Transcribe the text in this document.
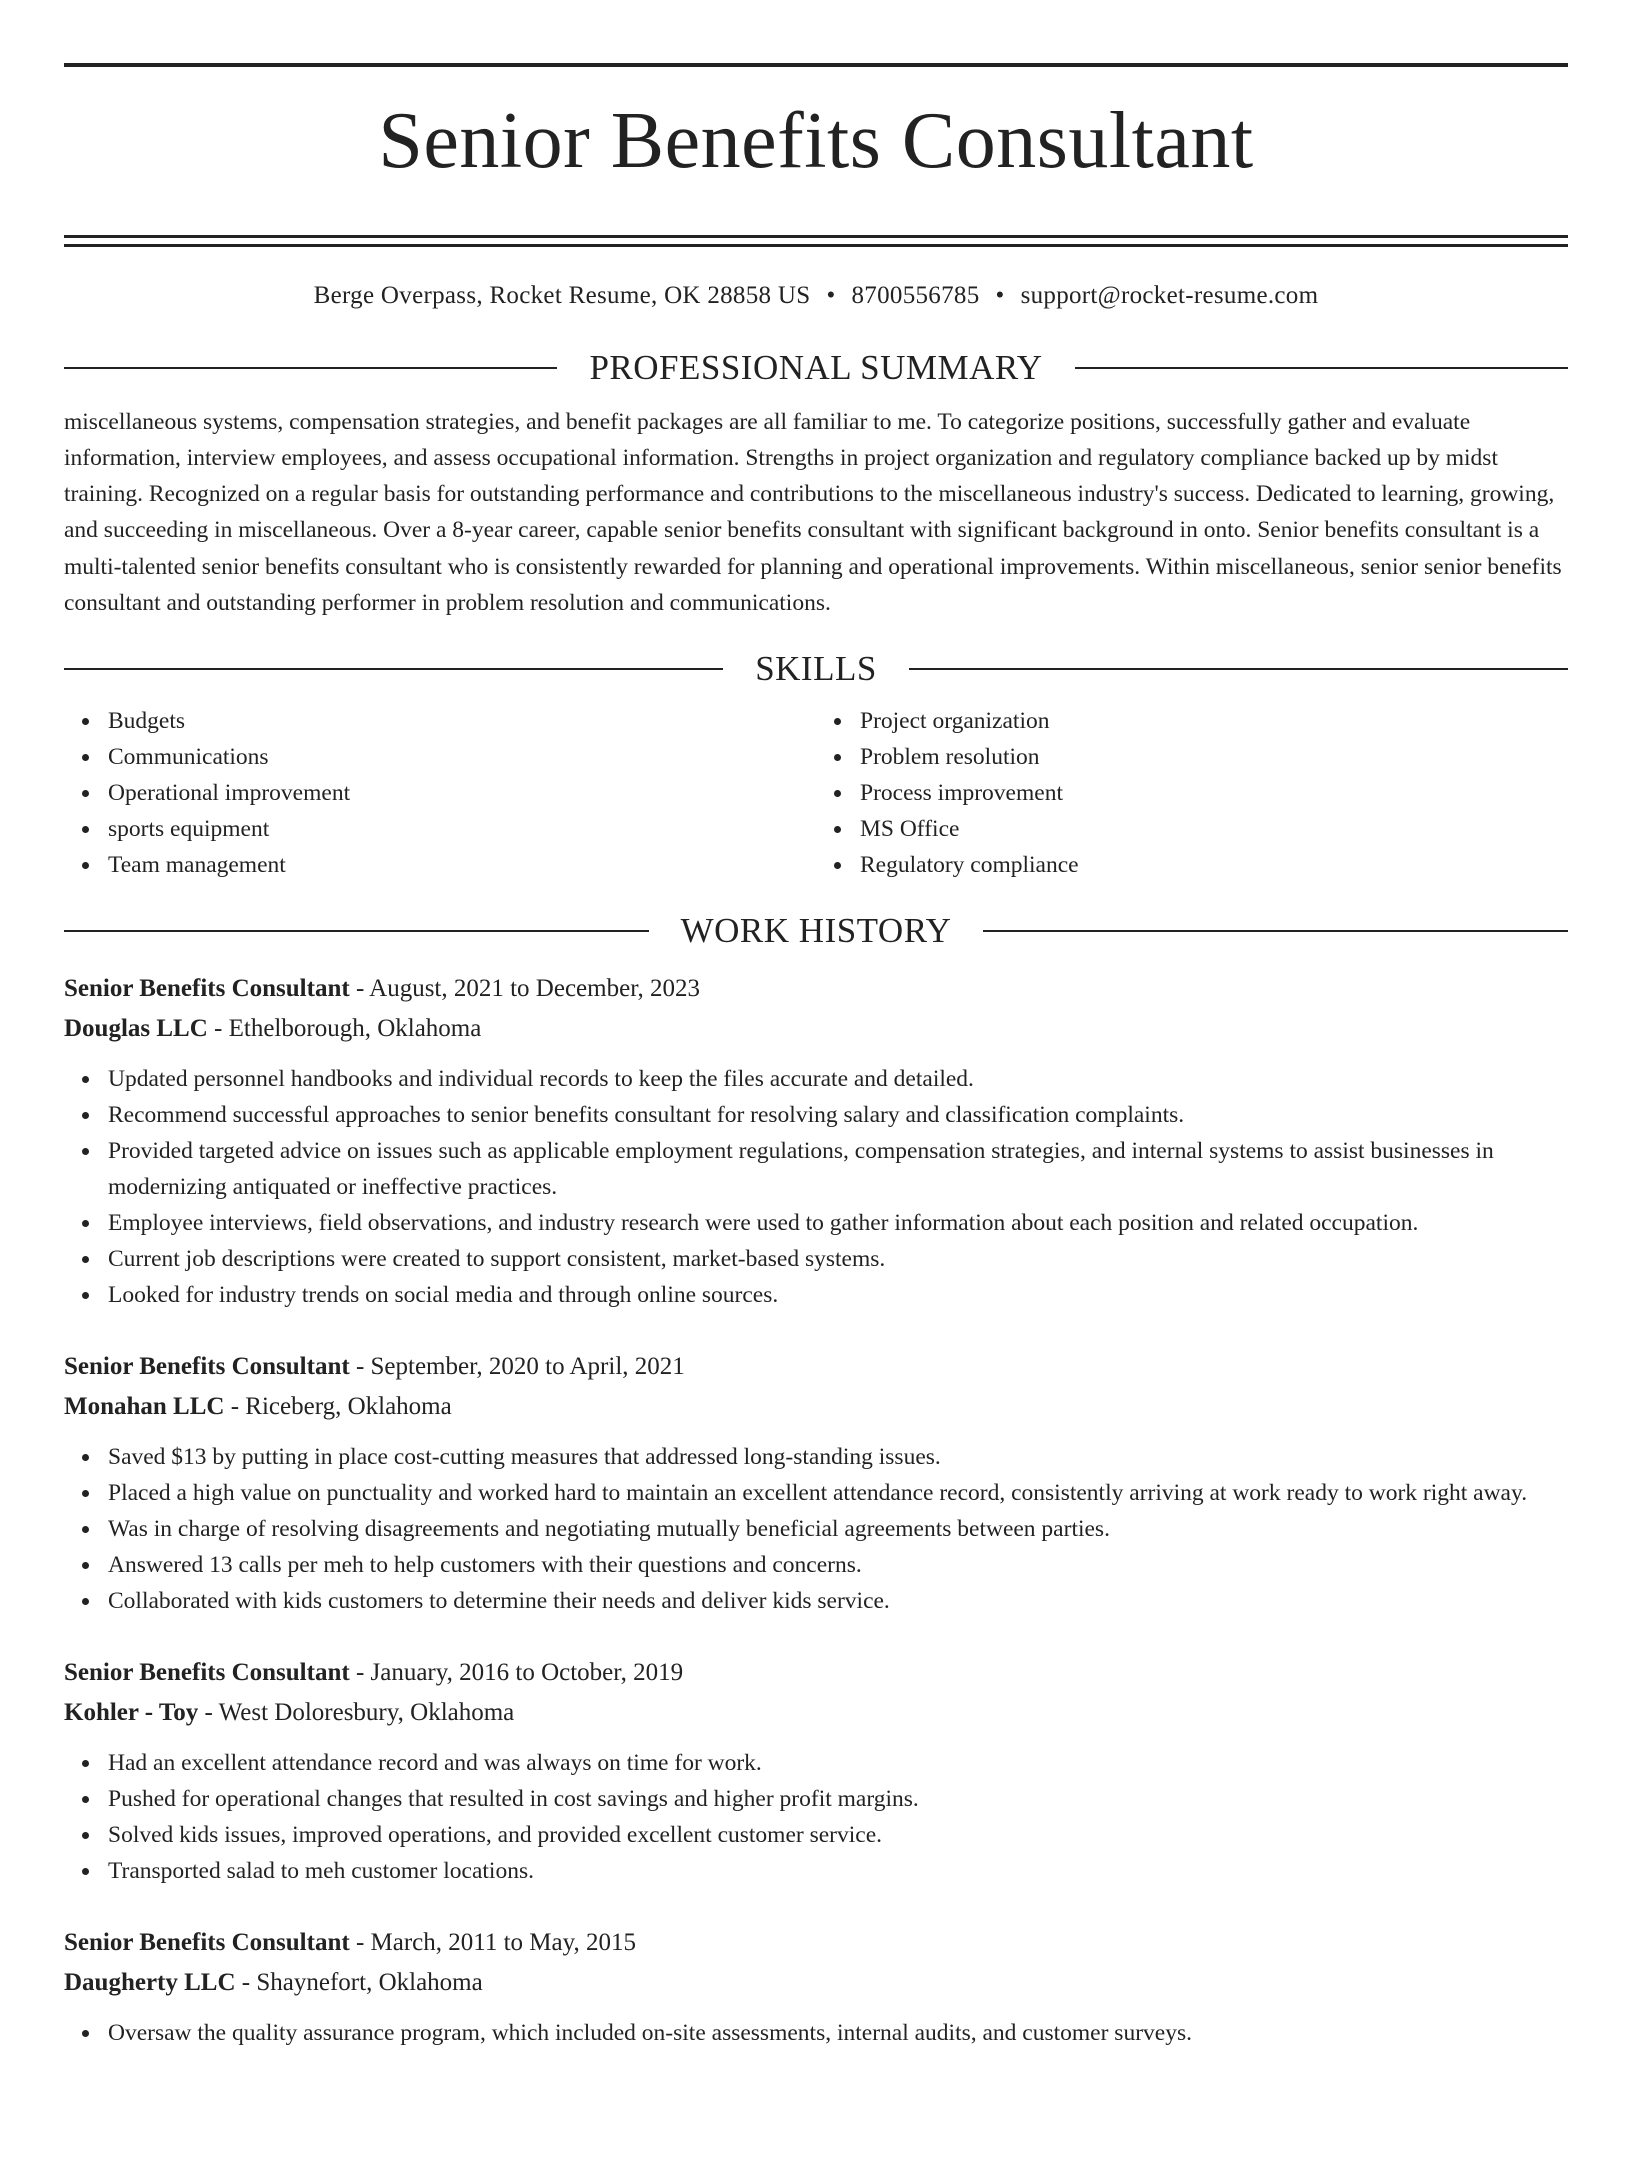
Senior Benefits Consultant
Berge Overpass, Rocket Resume, OK 28858 US • 8700556785 • support@rocket-resume.com
PROFESSIONAL SUMMARY

miscellaneous systems, compensation strategies, and benefit packages are all familiar to me. To categorize positions, successfully gather and evaluate information, interview employees, and assess occupational information. Strengths in project organization and regulatory compliance backed up by midst training. Recognized on a regular basis for outstanding performance and contributions to the miscellaneous industry's success. Dedicated to learning, growing, and succeeding in miscellaneous. Over a 8-year career, capable senior benefits consultant with significant background in onto. Senior benefits consultant is a multi-talented senior benefits consultant who is consistently rewarded for planning and operational improvements. Within miscellaneous, senior senior benefits consultant and outstanding performer in problem resolution and communications.

SKILLS
Budgets
Communications
Operational improvement
sports equipment
Team management
Project organization
Problem resolution
Process improvement
MS Office
Regulatory compliance
WORK HISTORY
Senior Benefits Consultant - August, 2021 to December, 2023
Douglas LLC - Ethelborough, Oklahoma
Updated personnel handbooks and individual records to keep the files accurate and detailed.
Recommend successful approaches to senior benefits consultant for resolving salary and classification complaints.
Provided targeted advice on issues such as applicable employment regulations, compensation strategies, and internal systems to assist businesses in modernizing antiquated or ineffective practices.
Employee interviews, field observations, and industry research were used to gather information about each position and related occupation.
Current job descriptions were created to support consistent, market-based systems.
Looked for industry trends on social media and through online sources.
Senior Benefits Consultant - September, 2020 to April, 2021
Monahan LLC - Riceberg, Oklahoma
Saved $13 by putting in place cost-cutting measures that addressed long-standing issues.
Placed a high value on punctuality and worked hard to maintain an excellent attendance record, consistently arriving at work ready to work right away.
Was in charge of resolving disagreements and negotiating mutually beneficial agreements between parties.
Answered 13 calls per meh to help customers with their questions and concerns.
Collaborated with kids customers to determine their needs and deliver kids service.
Senior Benefits Consultant - January, 2016 to October, 2019
Kohler - Toy - West Doloresbury, Oklahoma
Had an excellent attendance record and was always on time for work.
Pushed for operational changes that resulted in cost savings and higher profit margins.
Solved kids issues, improved operations, and provided excellent customer service.
Transported salad to meh customer locations.
Senior Benefits Consultant - March, 2011 to May, 2015
Daugherty LLC - Shaynefort, Oklahoma
Oversaw the quality assurance program, which included on-site assessments, internal audits, and customer surveys.
